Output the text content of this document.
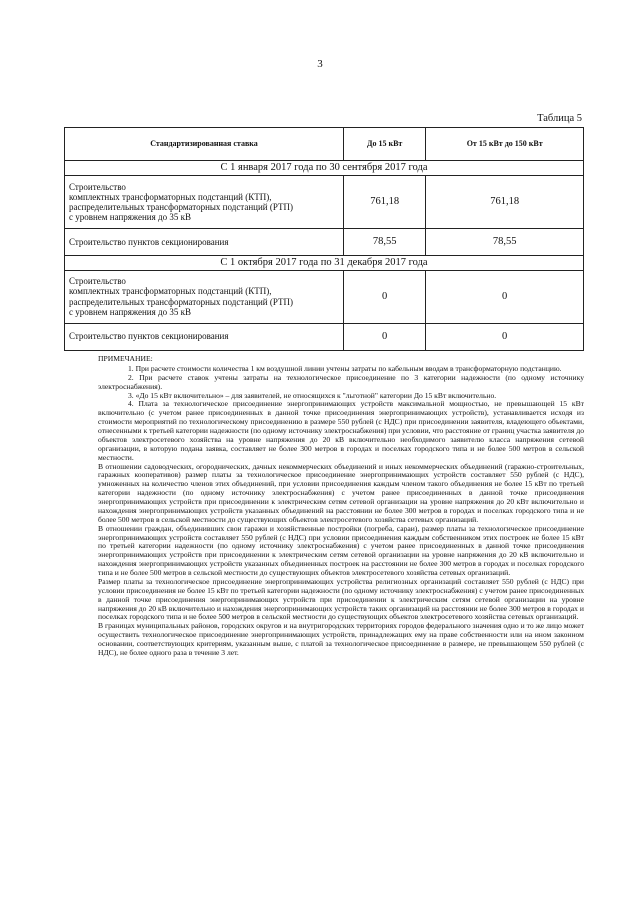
3
Таблица 5
Стандартизированная ставка	До 15 кВт	От 15 кВт до 150 кВт
С 1 января 2017 года по 30 сентября 2017 года		

Строительство
комплектных трансформаторных подстанций (КТП),
распределительных трансформаторных подстанций (РТП)
с уровнем напряжения до 35 кВ	761,18	761,18

Строительство пунктов секционирования	78,55	78,55
С 1 октября 2017 года по 31 декабря 2017 года		

Строительство
комплектных трансформаторных подстанций (КТП),
распределительных трансформаторных подстанций (РТП)
с уровнем напряжения до 35 кВ	0	0

Строительство пунктов секционирования	0	0

ПРИМЕЧАНИЕ:

1. При расчете стоимости количества 1 км воздушной линии учтены затраты по кабельным вводам в трансформаторную подстанцию.

2. При расчете ставок учтены затраты на технологическое присоединение по 3 категории надежности (по одному источнику электроснабжения).

3. «До 15 кВт включительно» – для заявителей, не относящихся к "льготной" категории До 15 кВт включительно.

4. Плата за технологическое присоединение энергопринимающих устройств максимальной мощностью, не превышающей 15 кВт включительно (с учетом ранее присоединенных в данной точке присоединения энергопринимающих устройств), устанавливается исходя из стоимости мероприятий по технологическому присоединению в размере 550 рублей (с НДС) при присоединении заявителя, владеющего объектами, отнесенными к третьей категории надежности (по одному источнику электроснабжения) при условии, что расстояние от границ участка заявителя до объектов электросетевого хозяйства на уровне напряжения до 20 кВ включительно необходимого заявителю класса напряжения сетевой организации, в которую подана заявка, составляет не более 300 метров в городах и поселках городского типа и не более 500 метров в сельской местности.

В отношении садоводческих, огороднических, дачных некоммерческих объединений и иных некоммерческих объединений (гаражно-строительных, гаражных кооперативов) размер платы за технологическое присоединение энергопринимающих устройств составляет 550 рублей (с НДС), умноженных на количество членов этих объединений, при условии присоединения каждым членом такого объединения не более 15 кВт по третьей категории надежности (по одному источнику электроснабжения) с учетом ранее присоединенных в данной точке присоединения энергопринимающих устройств при присоединении к электрическим сетям сетевой организации на уровне напряжения до 20 кВт включительно и нахождения энергопринимающих устройств указанных объединений на расстоянии не более 300 метров в городах и поселках городского типа и не более 500 метров в сельской местности до существующих объектов электросетевого хозяйства сетевых организаций.

В отношении граждан, объединивших свои гаражи и хозяйственные постройки (погреба, сараи), размер платы за технологическое присоединение энергопринимающих устройств составляет 550 рублей (с НДС) при условии присоединения каждым собственником этих построек не более 15 кВт по третьей категории надежности (по одному источнику электроснабжения) с учетом ранее присоединенных в данной точке присоединения энергопринимающих устройств при присоединении к электрическим сетям сетевой организации на уровне напряжения до 20 кВ включительно и нахождения энергопринимающих устройств указанных объединенных построек на расстоянии не более 300 метров в городах и поселках городского типа и не более 500 метров в сельской местности до существующих объектов электросетевого хозяйства сетевых организаций.

Размер платы за технологическое присоединение энергопринимающих устройства религиозных организаций составляет 550 рублей (с НДС) при условии присоединения не более 15 кВт по третьей категории надежности (по одному источнику электроснабжения) с учетом ранее присоединенных в данной точке присоединения энергопринимающих устройств при присоединении к электрическим сетям сетевой организации на уровне напряжения до 20 кВ включительно и нахождения энергопринимающих устройств таких организаций на расстоянии не более 300 метров в городах и поселках городского типа и не более 500 метров в сельской местности до существующих объектов электросетевого хозяйства сетевых организаций.

В границах муниципальных районов, городских округов и на внутригородских территориях городов федерального значения одно и то же лицо может осуществить технологическое присоединение энергопринимающих устройств, принадлежащих ему на праве собственности или на ином законном основании, соответствующих критериям, указанным выше, с платой за технологическое присоединение в размере, не превышающем 550 рублей (с НДС), не более одного раза в течение 3 лет.
